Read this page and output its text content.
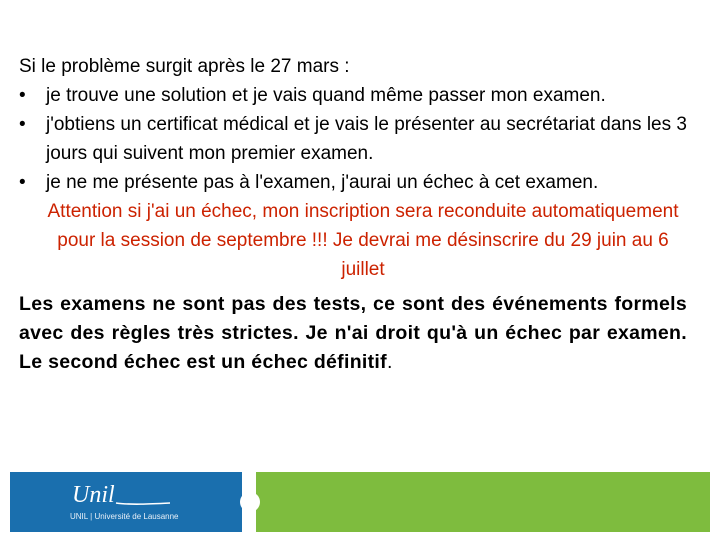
Si le problème surgit après le 27 mars :

• je trouve une solution et je vais quand même passer mon examen.
• j'obtiens un certificat médical et je vais le présenter au secrétariat dans les 3 jours qui suivent mon premier examen.
• je ne me présente pas à l'examen, j'aurai un échec à cet examen.

Attention si j'ai un échec, mon inscription sera reconduite automatiquement pour la session de septembre !!! Je devrai me désinscrire du 29 juin au 6 juillet

Les examens ne sont pas des tests, ce sont des événements formels avec des règles très strictes. Je n'ai droit qu'à un échec par examen. Le second échec est un échec définitif.

Unil
UNIL | Université de Lausanne
